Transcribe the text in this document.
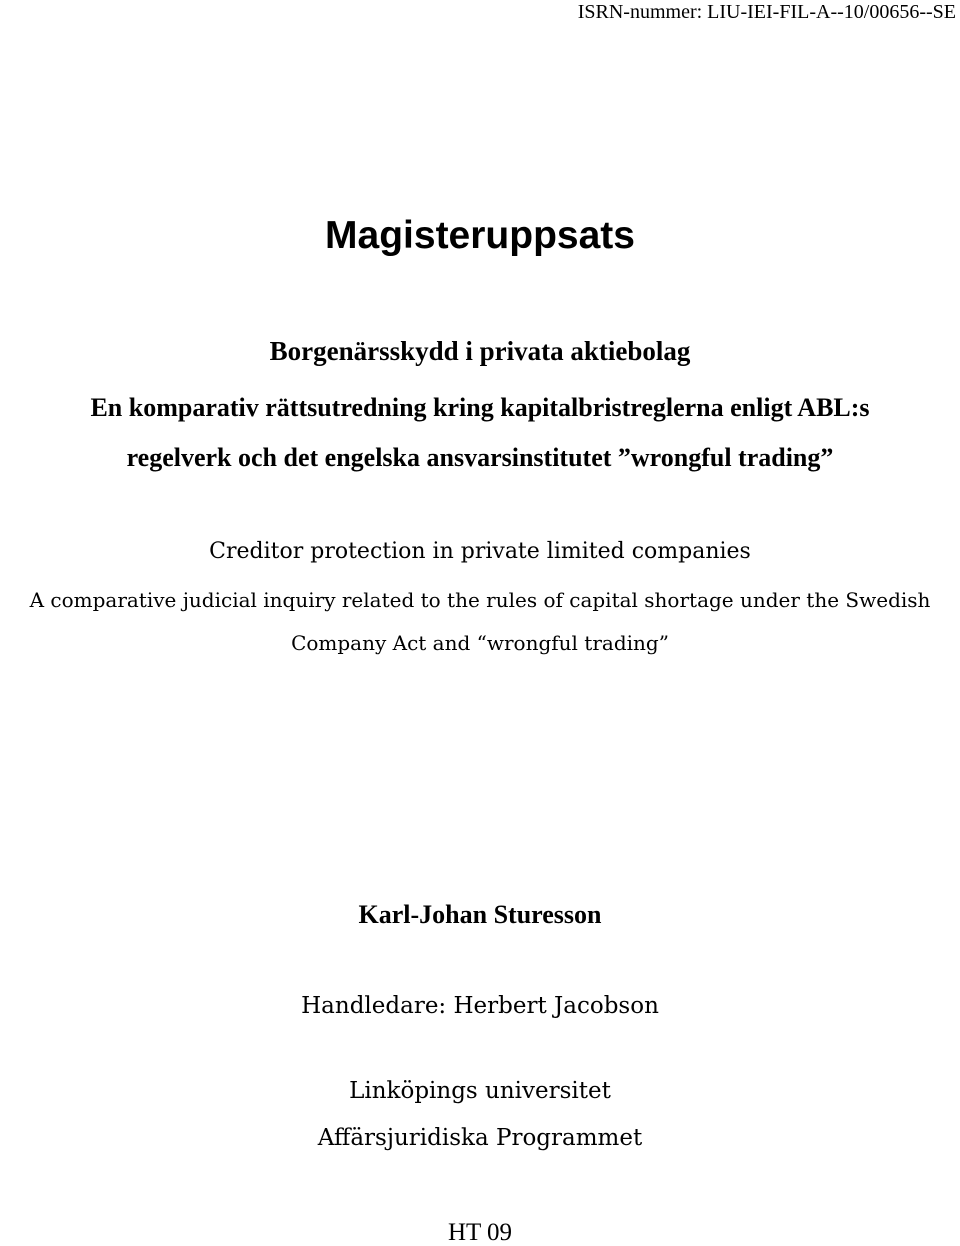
ISRN-nummer: LIU-IEI-FIL-A--10/00656--SE
Magisteruppsats
Borgenärsskydd i privata aktiebolag
En komparativ rättsutredning kring kapitalbristreglerna enligt ABL:s
regelverk och det engelska ansvarsinstitutet ”wrongful trading”
Creditor protection in private limited companies
A comparative judicial inquiry related to the rules of capital shortage under the Swedish
Company Act and “wrongful trading”
Karl-Johan Sturesson
Handledare: Herbert Jacobson
Linköpings universitet
Affärsjuridiska Programmet
HT 09
